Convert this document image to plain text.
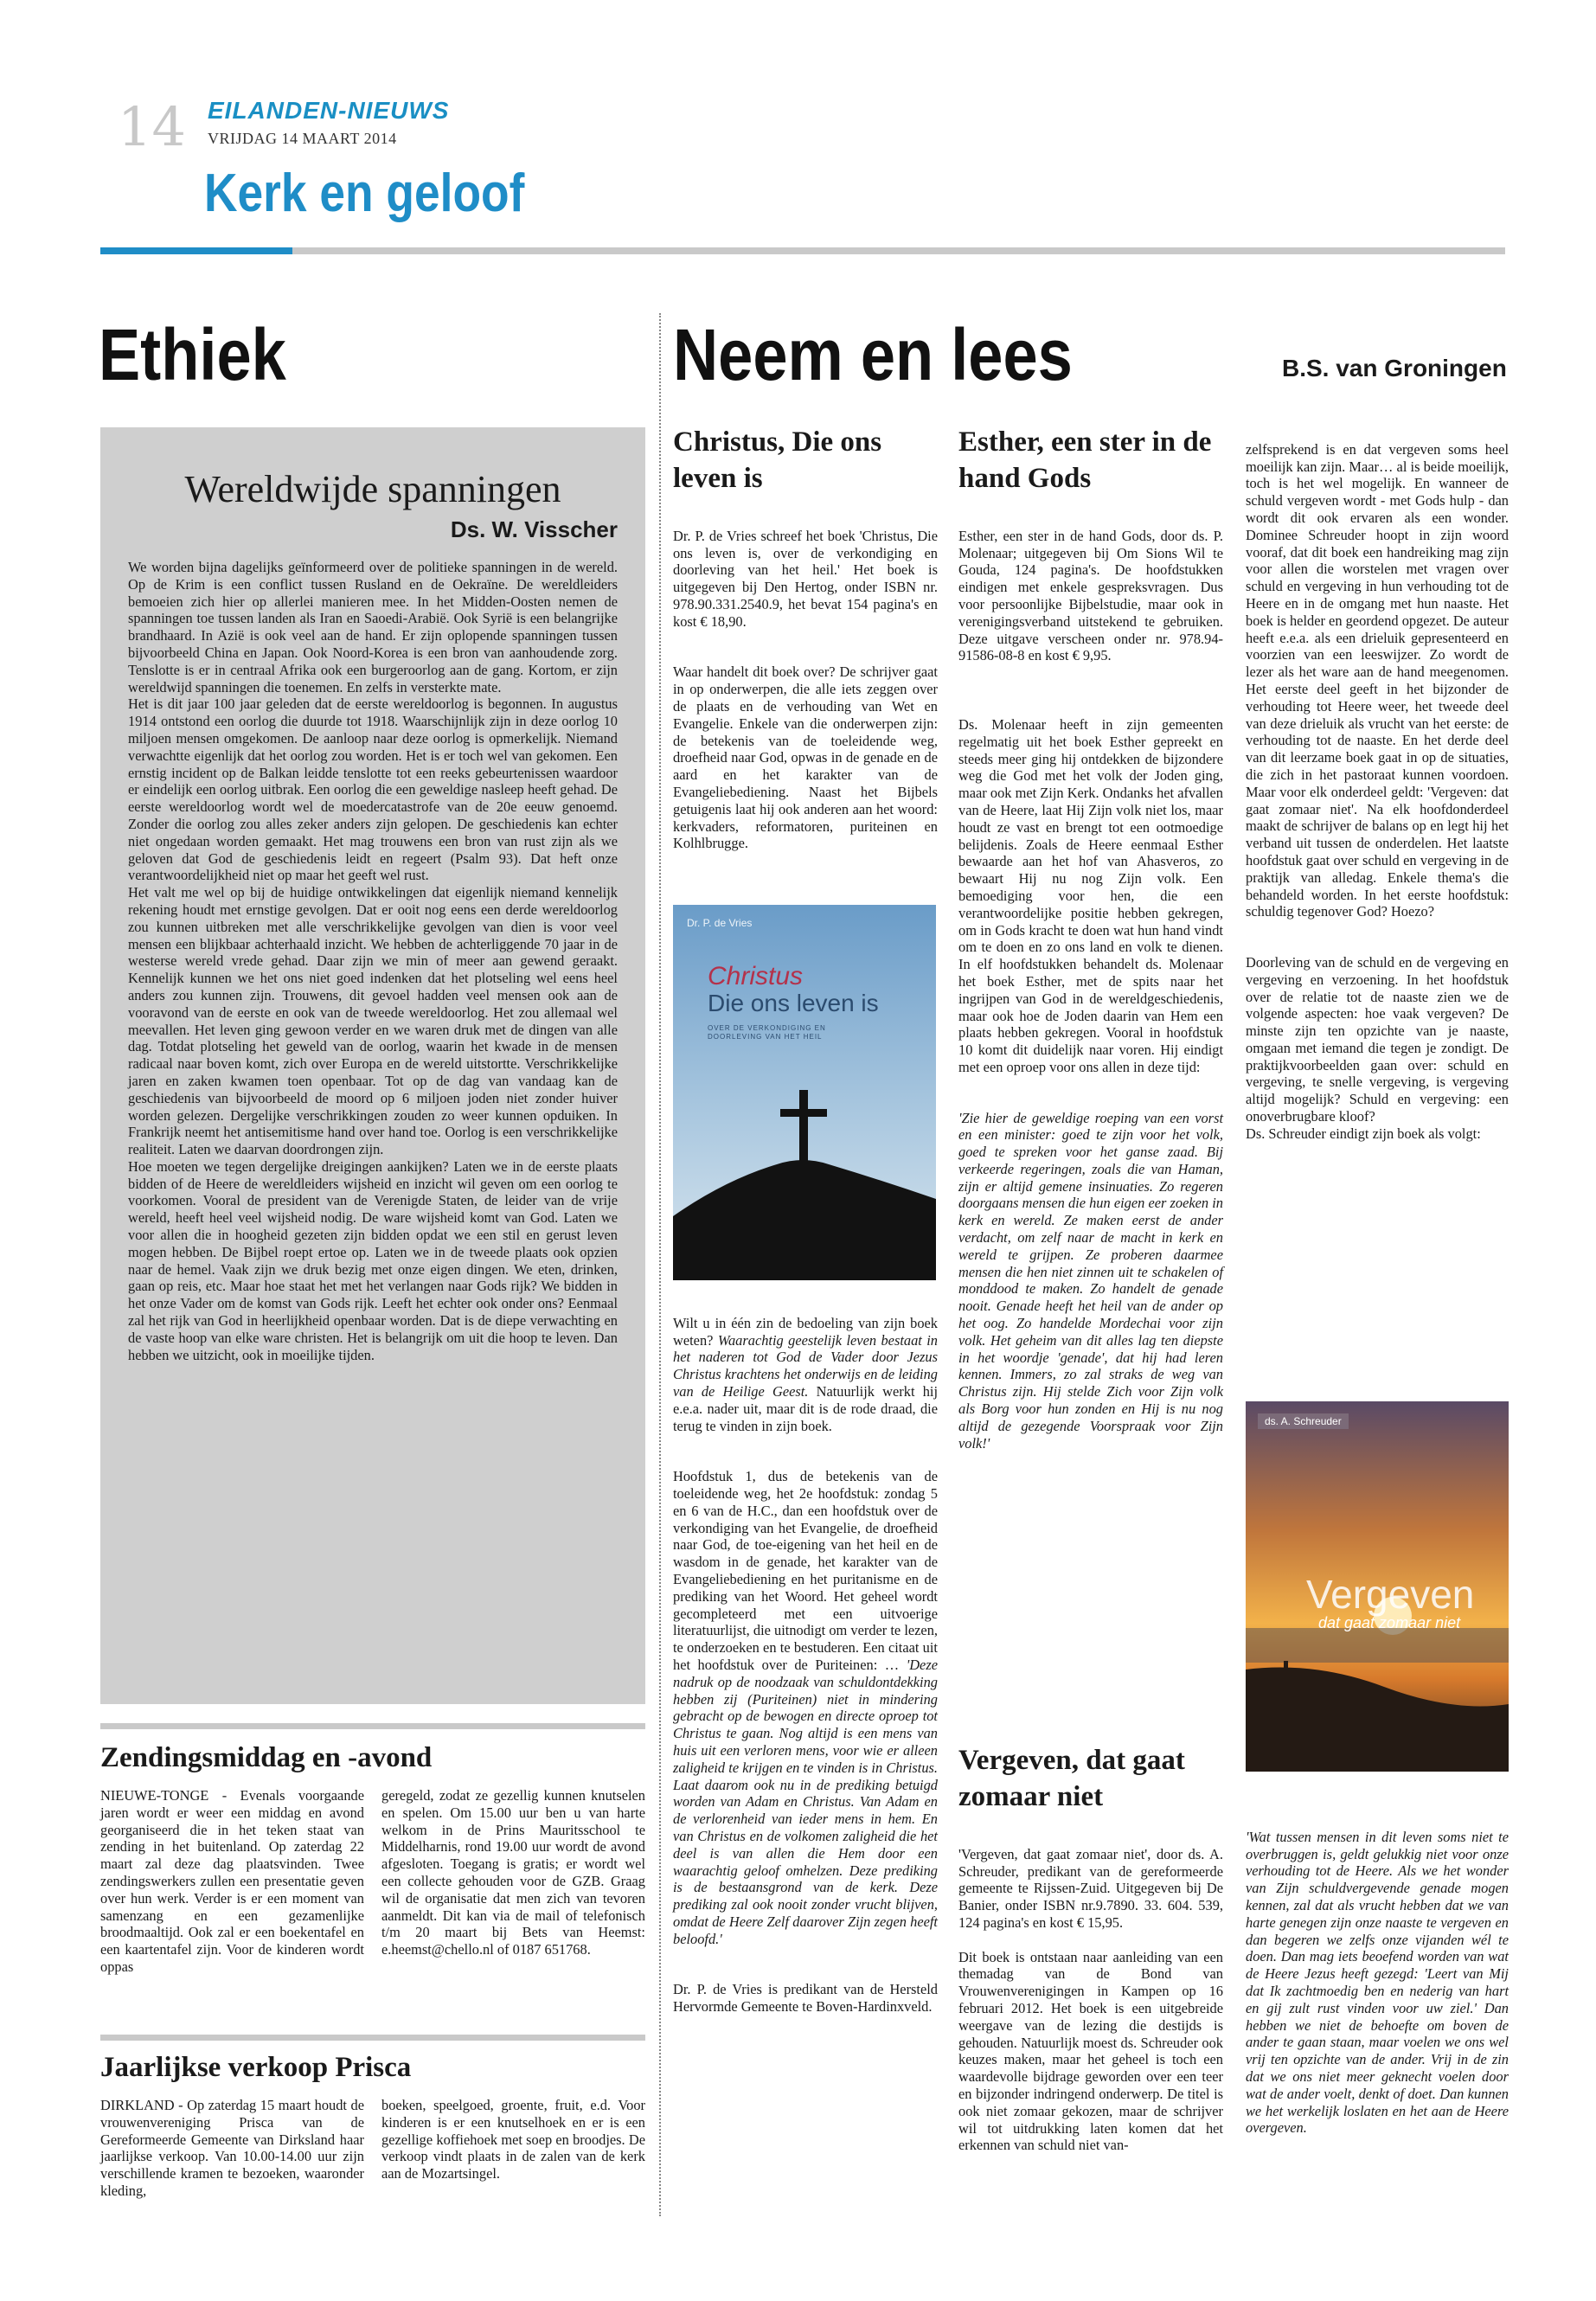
14 EILANDEN-NIEUWS
VRIJDAG 14 MAART 2014
Kerk en geloof
Ethiek	Neem en lees	B.S. van Groningen
Wereldwijde spanningen
Ds. W. Visscher
We worden bijna dagelijks geïnformeerd over de politieke spanningen in de wereld. Op de Krim is een conflict tussen Rusland en de Oekraïne. De wereldleiders bemoeien zich hier op allerlei manieren mee. In het Midden-Oosten nemen de spanningen toe tussen landen als Iran en Saoedi-Arabië. Ook Syrië is een belangrijke brandhaard. In Azië is ook veel aan de hand. Er zijn oplopende spanningen tussen bijvoorbeeld China en Japan. Ook Noord-Korea is een bron van aanhoudende zorg. Tenslotte is er in centraal Afrika ook een burgeroorlog aan de gang. Kortom, er zijn wereldwijd spanningen die toenemen. En zelfs in versterkte mate.
Het is dit jaar 100 jaar geleden dat de eerste wereldoorlog is begonnen. In augustus 1914 ontstond een oorlog die duurde tot 1918. Waarschijnlijk zijn in deze oorlog 10 miljoen mensen omgekomen. De aanloop naar deze oorlog is opmerkelijk. Niemand verwachtte eigenlijk dat het oorlog zou worden. Het is er toch wel van gekomen. Een ernstig incident op de Balkan leidde tenslotte tot een reeks gebeurtenissen waardoor er eindelijk een oorlog uitbrak. Een oorlog die een geweldige nasleep heeft gehad. De eerste wereldoorlog wordt wel de moedercatastrofe van de 20e eeuw genoemd. Zonder die oorlog zou alles zeker anders zijn gelopen. De geschiedenis kan echter niet ongedaan worden gemaakt. Het mag trouwens een bron van rust zijn als we geloven dat God de geschiedenis leidt en regeert (Psalm 93). Dat heft onze verantwoordelijkheid niet op maar het geeft wel rust.
Het valt me wel op bij de huidige ontwikkelingen dat eigenlijk niemand kennelijk rekening houdt met ernstige gevolgen. Dat er ooit nog eens een derde wereldoorlog zou kunnen uitbreken met alle verschrikkelijke gevolgen van dien is voor veel mensen een blijkbaar achterhaald inzicht. We hebben de achterliggende 70 jaar in de westerse wereld vrede gehad. Daar zijn we min of meer aan gewend geraakt. Kennelijk kunnen we het ons niet goed indenken dat het plotseling wel eens heel anders zou kunnen zijn. Trouwens, dit gevoel hadden veel mensen ook aan de vooravond van de eerste en ook van de tweede wereldoorlog. Het zou allemaal wel meevallen. Het leven ging gewoon verder en we waren druk met de dingen van alle dag. Totdat plotseling het geweld van de oorlog, waarin het kwade in de mensen radicaal naar boven komt, zich over Europa en de wereld uitstortte. Verschrikkelijke jaren en zaken kwamen toen openbaar. Tot op de dag van vandaag kan de geschiedenis van bijvoorbeeld de moord op 6 miljoen joden niet zonder huiver worden gelezen. Dergelijke verschrikkingen zouden zo weer kunnen opduiken. In Frankrijk neemt het antisemitisme hand over hand toe. Oorlog is een verschrikkelijke realiteit. Laten we daarvan doordrongen zijn.
Hoe moeten we tegen dergelijke dreigingen aankijken? Laten we in de eerste plaats bidden of de Heere de wereldleiders wijsheid en inzicht wil geven om een oorlog te voorkomen. Vooral de president van de Verenigde Staten, de leider van de vrije wereld, heeft heel veel wijsheid nodig. De ware wijsheid komt van God. Laten we voor allen die in hoogheid gezeten zijn bidden opdat we een stil en gerust leven mogen hebben. De Bijbel roept ertoe op. Laten we in de tweede plaats ook opzien naar de hemel. Vaak zijn we druk bezig met onze eigen dingen. We eten, drinken, gaan op reis, etc. Maar hoe staat het met het verlangen naar Gods rijk? We bidden in het onze Vader om de komst van Gods rijk. Leeft het echter ook onder ons? Eenmaal zal het rijk van God in heerlijkheid openbaar worden. Dat is de diepe verwachting en de vaste hoop van elke ware christen. Het is belangrijk om uit die hoop te leven. Dan hebben we uitzicht, ook in moeilijke tijden.
Zendingsmiddag en -avond
NIEUWE-TONGE - Evenals voorgaande jaren wordt er weer een middag en avond georganiseerd die in het teken staat van zending in het buitenland. Op zaterdag 22 maart zal deze dag plaatsvinden. Twee zendingswerkers zullen een presentatie geven over hun werk. Verder is er een moment van samenzang en een gezamenlijke broodmaaltijd. Ook zal er een boekentafel en een kaartentafel zijn. Voor de kinderen wordt oppas
geregeld, zodat ze gezellig kunnen knutselen en spelen. Om 15.00 uur ben u van harte welkom in de Prins Mauritsschool te Middelharnis, rond 19.00 uur wordt de avond afgesloten. Toegang is gratis; er wordt wel een collecte gehouden voor de GZB. Graag wil de organisatie dat men zich van tevoren aanmeldt. Dit kan via de mail of telefonisch t/m 20 maart bij Bets van Heemst: e.heemst@chello.nl of 0187 651768.
Jaarlijkse verkoop Prisca
DIRKLAND - Op zaterdag 15 maart houdt de vrouwenvereniging Prisca van de Gereformeerde Gemeente van Dirksland haar jaarlijkse verkoop. Van 10.00-14.00 uur zijn verschillende kramen te bezoeken, waaronder kleding,
boeken, speelgoed, groente, fruit, e.d. Voor kinderen is er een knutselhoek en er is een gezellige koffiehoek met soep en broodjes. De verkoop vindt plaats in de zalen van de kerk aan de Mozartsingel.
Christus, Die ons leven is

Dr. P. de Vries schreef het boek 'Christus, Die ons leven is, over de verkondiging en doorleving van het heil.' Het boek is uitgegeven bij Den Hertog, onder ISBN nr. 978.90.331.2540.9, het bevat 154 pagina's en kost € 18,90.

Waar handelt dit boek over? De schrijver gaat in op onderwerpen, die alle iets zeggen over de plaats en de verhouding van Wet en Evangelie. Enkele van die onderwerpen zijn: de betekenis van de toeleidende weg, droefheid naar God, opwas in de genade en de aard en het karakter van de Evangeliebediening. Naast het Bijbels getuigenis laat hij ook anderen aan het woord: kerkvaders, reformatoren, puriteinen en Kolhlbrugge.

Dr. P. de Vries
Christus
Die ons leven is
OVER DE VERKONDIGING EN DOORLEVING VAN HET HEIL

Wilt u in één zin de bedoeling van zijn boek weten? Waarachtig geestelijk leven bestaat in het naderen tot God de Vader door Jezus Christus krachtens het onderwijs en de leiding van de Heilige Geest. Natuurlijk werkt hij e.e.a. nader uit, maar dit is de rode draad, die terug te vinden in zijn boek.

Hoofdstuk 1, dus de betekenis van de toeleidende weg, het 2e hoofdstuk: zondag 5 en 6 van de H.C., dan een hoofdstuk over de verkondiging van het Evangelie, de droefheid naar God, de toe-eigening van het heil en de wasdom in de genade, het karakter van de Evangeliebediening en het puritanisme en de prediking van het Woord. Het geheel wordt gecompleteerd met een uitvoerige literatuurlijst, die uitnodigt om verder te lezen, te onderzoeken en te bestuderen. Een citaat uit het hoofdstuk over de Puriteinen: … 'Deze nadruk op de noodzaak van schuldontdekking hebben zij (Puriteinen) niet in mindering gebracht op de bewogen en directe oproep tot Christus te gaan. Nog altijd is een mens van huis uit een verloren mens, voor wie er alleen zaligheid te krijgen en te vinden is in Christus. Laat daarom ook nu in de prediking betuigd worden van Adam en Christus. Van Adam en de verlorenheid van ieder mens in hem. En van Christus en de volkomen zaligheid die het deel is van allen die Hem door een waarachtig geloof omhelzen. Deze prediking is de bestaansgrond van de kerk. Deze prediking zal ook nooit zonder vrucht blijven, omdat de Heere Zelf daarover Zijn zegen heeft beloofd.'

Dr. P. de Vries is predikant van de Hersteld Hervormde Gemeente te Boven-Hardinxveld.

Esther, een ster in de hand Gods

Esther, een ster in de hand Gods, door ds. P. Molenaar; uitgegeven bij Om Sions Wil te Gouda, 124 pagina's. De hoofdstukken eindigen met enkele gespreksvragen. Dus voor persoonlijke Bijbelstudie, maar ook in verenigingsverband uitstekend te gebruiken. Deze uitgave verscheen onder nr. 978.94-91586-08-8 en kost € 9,95.

Ds. Molenaar heeft in zijn gemeenten regelmatig uit het boek Esther gepreekt en steeds meer ging hij ontdekken de bijzondere weg die God met het volk der Joden ging, maar ook met Zijn Kerk. Ondanks het afvallen van de Heere, laat Hij Zijn volk niet los, maar houdt ze vast en brengt tot een ootmoedige belijdenis. Zoals de Heere eenmaal Esther bewaarde aan het hof van Ahasveros, zo bewaart Hij nu nog Zijn volk. Een bemoediging voor hen, die een verantwoordelijke positie hebben gekregen, om in Gods kracht te doen wat hun hand vindt om te doen en zo ons land en volk te dienen. In elf hoofdstukken behandelt ds. Molenaar het boek Esther, met de spits naar het ingrijpen van God in de wereldgeschiedenis, maar ook hoe de Joden daarin van Hem een plaats hebben gekregen. Vooral in hoofdstuk 10 komt dit duidelijk naar voren. Hij eindigt met een oproep voor ons allen in deze tijd:

'Zie hier de geweldige roeping van een vorst en een minister: goed te zijn voor het volk, goed te spreken voor het ganse zaad. Bij verkeerde regeringen, zoals die van Haman, zijn er altijd gemene insinuaties. Zo regeren doorgaans mensen die hun eigen eer zoeken in kerk en wereld. Ze maken eerst de ander verdacht, om zelf naar de macht in kerk en wereld te grijpen. Ze proberen daarmee mensen die hen niet zinnen uit te schakelen of monddood te maken. Zo handelt de genade nooit. Genade heeft het heil van de ander op het oog. Zo handelde Mordechai voor zijn volk. Het geheim van dit alles lag ten diepste in het woordje 'genade', dat hij had leren kennen. Immers, zo zal straks de weg van Christus zijn. Hij stelde Zich voor Zijn volk als Borg voor hun zonden en Hij is nu nog altijd de gezegende Voorspraak voor Zijn volk!'

Vergeven, dat gaat zomaar niet

'Vergeven, dat gaat zomaar niet', door ds. A. Schreuder, predikant van de gereformeerde gemeente te Rijssen-Zuid. Uitgegeven bij De Banier, onder ISBN nr.9.7890. 33. 604. 539, 124 pagina's en kost € 15,95.

Dit boek is ontstaan naar aanleiding van een themadag van de Bond van Vrouwenverenigingen in Kampen op 16 februari 2012. Het boek is een uitgebreide weergave van de lezing die destijds is gehouden. Natuurlijk moest ds. Schreuder ook keuzes maken, maar het geheel is toch een waardevolle bijdrage geworden over een teer en bijzonder indringend onderwerp. De titel is ook niet zomaar gekozen, maar de schrijver wil tot uitdrukking laten komen dat het erkennen van schuld niet van-

zelfsprekend is en dat vergeven soms heel moeilijk kan zijn. Maar… al is beide moeilijk, toch is het wel mogelijk. En wanneer de schuld vergeven wordt - met Gods hulp - dan wordt dit ook ervaren als een wonder. Dominee Schreuder hoopt in zijn woord vooraf, dat dit boek een handreiking mag zijn voor allen die worstelen met vragen over schuld en vergeving in hun verhouding tot de Heere en in de omgang met hun naaste. Het boek is helder en geordend opgezet. De auteur heeft e.e.a. als een drieluik gepresenteerd en voorzien van een leeswijzer. Zo wordt de lezer als het ware aan de hand meegenomen. Het eerste deel geeft in het bijzonder de verhouding tot Heere weer, het tweede deel van deze drieluik als vrucht van het eerste: de verhouding tot de naaste. En het derde deel van dit leerzame boek gaat in op de situaties, die zich in het pastoraat kunnen voordoen. Maar voor elk onderdeel geldt: 'Vergeven: dat gaat zomaar niet'. Na elk hoofdonderdeel maakt de schrijver de balans op en legt hij het verband uit tussen de onderdelen. Het laatste hoofdstuk gaat over schuld en vergeving in de praktijk van alledag. Enkele thema's die behandeld worden. In het eerste hoofdstuk: schuldig tegenover God? Hoezo?

Doorleving van de schuld en de vergeving en vergeving en verzoening. In het hoofdstuk over de relatie tot de naaste zien we de volgende aspecten: hoe vaak vergeven? De minste zijn ten opzichte van je naaste, omgaan met iemand die tegen je zondigt. De praktijkvoorbeelden gaan over: schuld en vergeving, te snelle vergeving, is vergeving altijd mogelijk? Schuld en vergeving: een onoverbrugbare kloof?
Ds. Schreuder eindigt zijn boek als volgt:

ds. A. Schreuder
Vergeven
dat gaat zomaar niet

'Wat tussen mensen in dit leven soms niet te overbruggen is, geldt gelukkig niet voor onze verhouding tot de Heere. Als we het wonder van Zijn schuldvergevende genade mogen kennen, zal dat als vrucht hebben dat we van harte genegen zijn onze naaste te vergeven en dan begeren we zelfs onze vijanden wél te doen. Dan mag iets beoefend worden van wat de Heere Jezus heeft gezegd: 'Leert van Mij dat Ik zachtmoedig ben en nederig van hart en gij zult rust vinden voor uw ziel.' Dan hebben we niet de behoefte om boven de ander te gaan staan, maar voelen we ons wel vrij ten opzichte van de ander. Vrij in de zin dat we ons niet meer geknecht voelen door wat de ander voelt, denkt of doet. Dan kunnen we het werkelijk loslaten en het aan de Heere overgeven.
